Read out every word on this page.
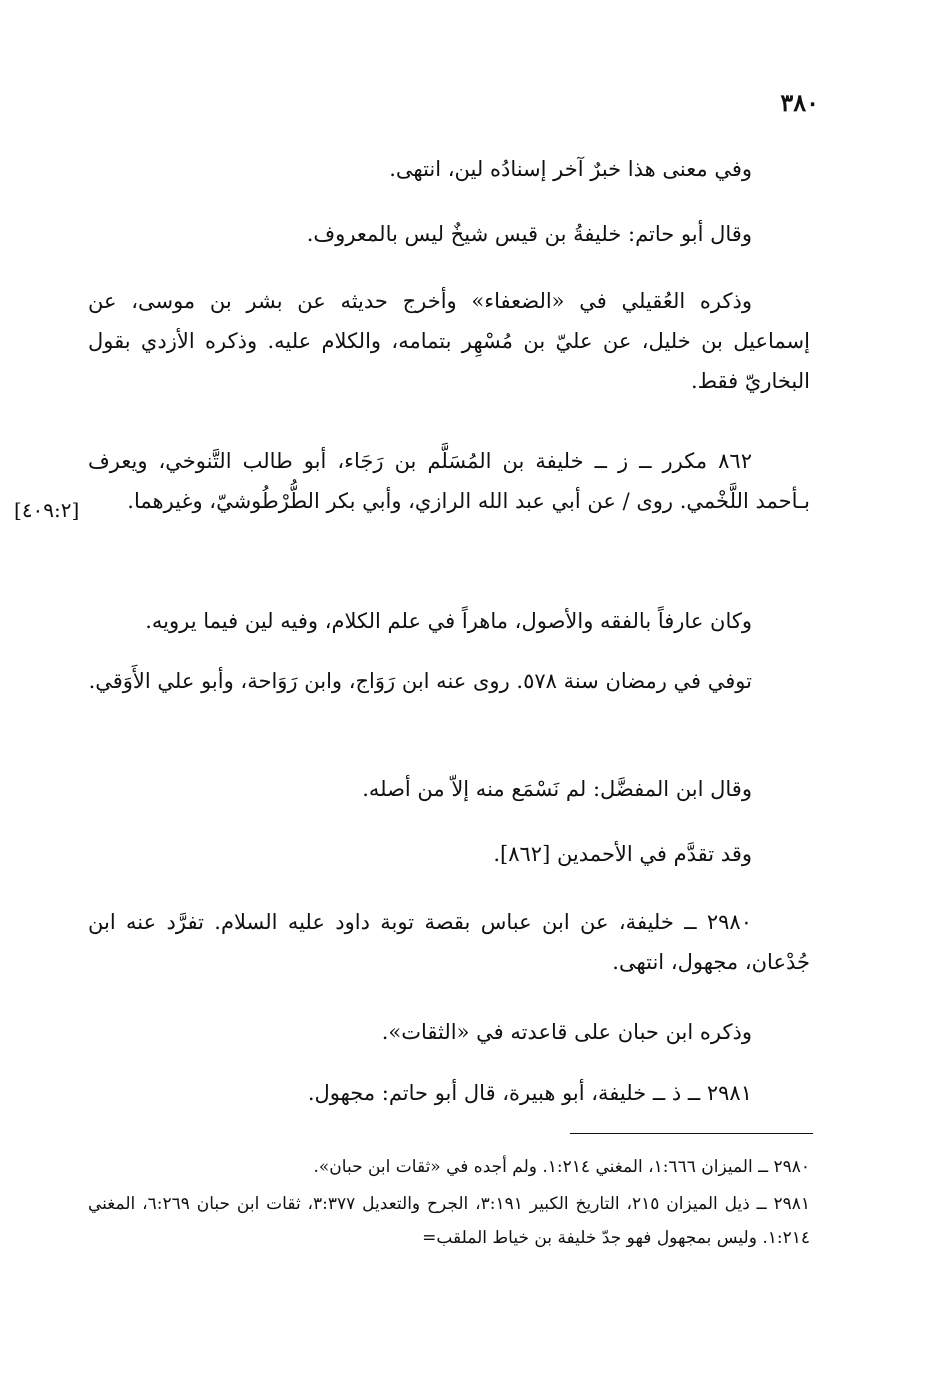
٣٨٠
وفي معنى هذا خبرٌ آخر إسنادُه لين، انتهى.
وقال أبو حاتم: خليفةُ بن قيس شيخٌ ليس بالمعروف.
وذكره العُقيلي في «الضعفاء» وأخرج حديثه عن بشر بن موسى، عن إسماعيل بن خليل، عن عليّ بن مُسْهِر بتمامه، والكلام عليه. وذكره الأزدي بقول البخاريّ فقط.
٨٦٢ مكرر ــ ز ــ خليفة بن المُسَلَّم بن رَجَاء، أبو طالب التَّنوخي، ويعرف بـأحمد اللَّخْمي. روى / عن أبي عبد الله الرازي، وأبي بكر الطُّرْطُوشيّ، وغيرهما.
وكان عارفاً بالفقه والأصول، ماهراً في علم الكلام، وفيه لين فيما يرويه.
توفي في رمضان سنة ٥٧٨. روى عنه ابن رَوَاج، وابن رَوَاحة، وأبو علي الأَوَقي.
وقال ابن المفضَّل: لم نَسْمَع منه إلاّ من أصله.
وقد تقدَّم في الأحمدين [٨٦٢].
٢٩٨٠ ــ خليفة، عن ابن عباس بقصة توبة داود عليه السلام. تفرَّد عنه ابن جُدْعان، مجهول، انتهى.
وذكره ابن حبان على قاعدته في «الثقات».
٢٩٨١ ــ ذ ــ خليفة، أبو هبيرة، قال أبو حاتم: مجهول.
[٤٠٩:٢]
٢٩٨٠ ــ الميزان ١:٦٦٦، المغني ١:٢١٤. ولم أجده في «ثقات ابن حبان».
٢٩٨١ ــ ذيل الميزان ٢١٥، التاريخ الكبير ٣:١٩١، الجرح والتعديل ٣:٣٧٧، ثقات ابن حبان ٦:٢٦٩، المغني ١:٢١٤. وليس بمجهول فهو جدّ خليفة بن خياط الملقب=
